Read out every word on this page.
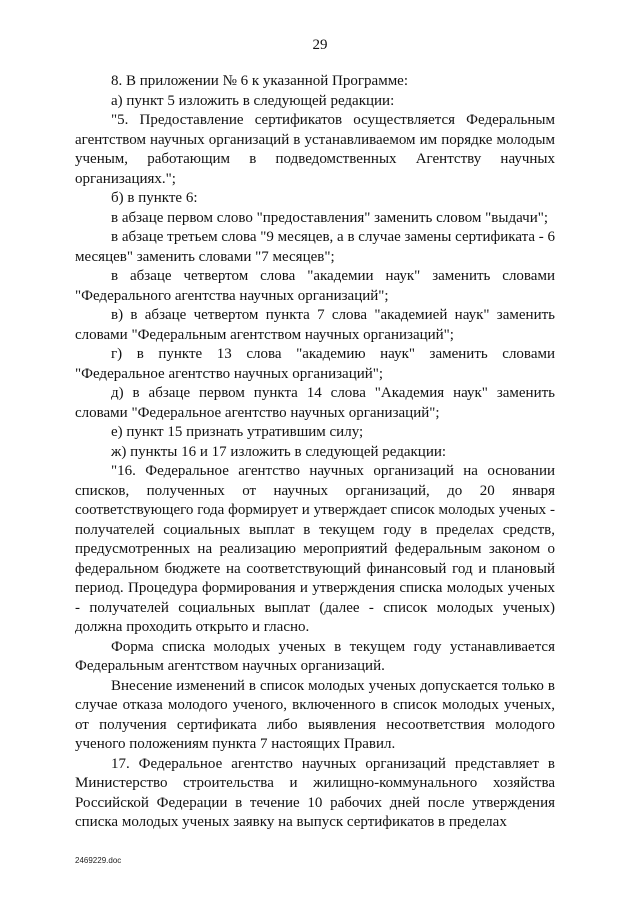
29

8. В приложении № 6 к указанной Программе:

а) пункт 5 изложить в следующей редакции:

"5. Предоставление сертификатов осуществляется Федеральным агентством научных организаций в устанавливаемом им порядке молодым ученым, работающим в подведомственных Агентству научных организациях.";

б) в пункте 6:

в абзаце первом слово "предоставления" заменить словом "выдачи";

в абзаце третьем слова "9 месяцев, а в случае замены сертификата - 6 месяцев" заменить словами "7 месяцев";

в абзаце четвертом слова "академии наук" заменить словами "Федерального агентства научных организаций";

в) в абзаце четвертом пункта 7 слова "академией наук" заменить словами "Федеральным агентством научных организаций";

г) в пункте 13 слова "академию наук" заменить словами "Федеральное агентство научных организаций";

д) в абзаце первом пункта 14 слова "Академия наук" заменить словами "Федеральное агентство научных организаций";

е) пункт 15 признать утратившим силу;

ж) пункты 16 и 17 изложить в следующей редакции:

"16. Федеральное агентство научных организаций на основании списков, полученных от научных организаций, до 20 января соответствующего года формирует и утверждает список молодых ученых - получателей социальных выплат в текущем году в пределах средств, предусмотренных на реализацию мероприятий федеральным законом о федеральном бюджете на соответствующий финансовый год и плановый период. Процедура формирования и утверждения списка молодых ученых - получателей социальных выплат (далее - список молодых ученых) должна проходить открыто и гласно.

Форма списка молодых ученых в текущем году устанавливается Федеральным агентством научных организаций.

Внесение изменений в список молодых ученых допускается только в случае отказа молодого ученого, включенного в список молодых ученых, от получения сертификата либо выявления несоответствия молодого ученого положениям пункта 7 настоящих Правил.

17. Федеральное агентство научных организаций представляет в Министерство строительства и жилищно-коммунального хозяйства Российской Федерации в течение 10 рабочих дней после утверждения списка молодых ученых заявку на выпуск сертификатов в пределах

2469229.doc
